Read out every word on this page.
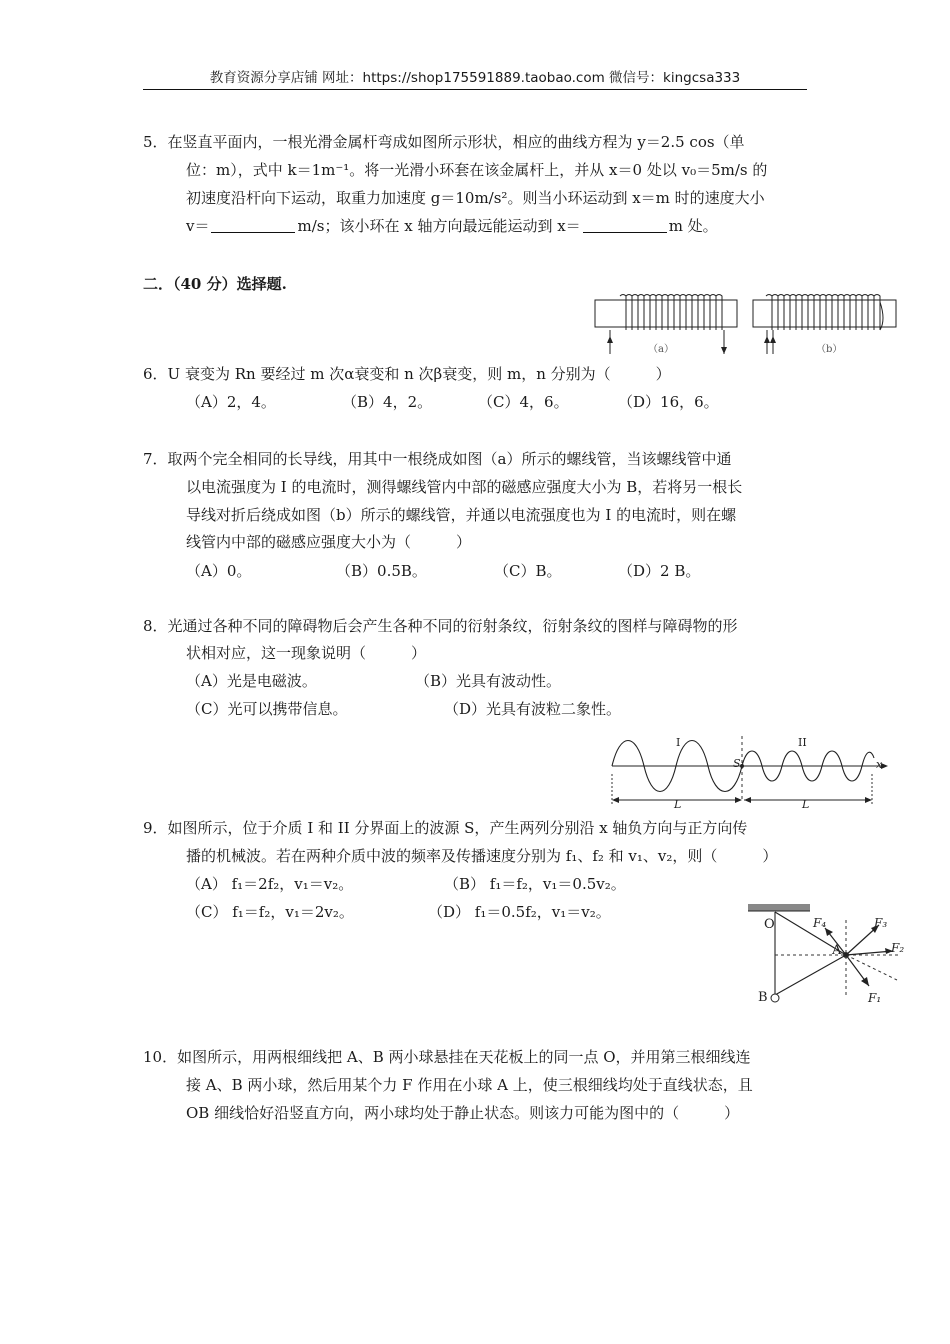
教育资源分享店铺 网址：https://shop175591889.taobao.com 微信号：kingcsa333
5．在竖直平面内，一根光滑金属杆弯成如图所示形状，相应的曲线方程为 y＝2.5 cos（单
位：m），式中 k＝1m⁻¹。将一光滑小环套在该金属杆上，并从 x＝0 处以 v₀＝5m/s 的
初速度沿杆向下运动，取重力加速度 g＝10m/s²。则当小环运动到 x＝m 时的速度大小
v＝	m/s；该小环在 x 轴方向最远能运动到 x＝	m 处。
二．（40 分）选择题.
（a）	（b）
6．U 衰变为 Rn 要经过 m 次α衰变和 n 次β衰变，则 m，n 分别为（　　　）
（A）2，4。	（B）4，2。	（C）4，6。	（D）16，6。
7．取两个完全相同的长导线，用其中一根绕成如图（a）所示的螺线管，当该螺线管中通
以电流强度为 I 的电流时，测得螺线管内中部的磁感应强度大小为 B，若将另一根长
导线对折后绕成如图（b）所示的螺线管，并通以电流强度也为 I 的电流时，则在螺
线管内中部的磁感应强度大小为（　　　）
（A）0。	（B）0.5B。	（C）B。	（D）2 B。
8．光通过各种不同的障碍物后会产生各种不同的衍射条纹，衍射条纹的图样与障碍物的形
状相对应，这一现象说明（　　　）
（A）光是电磁波。	（B）光具有波动性。
（C）光可以携带信息。	（D）光具有波粒二象性。
I	II
S	x
L	L
9．如图所示，位于介质 I 和 II 分界面上的波源 S，产生两列分别沿 x 轴负方向与正方向传
播的机械波。若在两种介质中波的频率及传播速度分别为 f₁、f₂ 和 v₁、v₂，则（　　　）
（A） f₁＝2f₂，v₁＝v₂。	（B） f₁＝f₂，v₁＝0.5v₂。
（C） f₁＝f₂，v₁＝2v₂。	（D） f₁＝0.5f₂，v₁＝v₂。
O
A
B	F₁
F₂
F₃
F₄
10．如图所示，用两根细线把 A、B 两小球悬挂在天花板上的同一点 O，并用第三根细线连
接 A、B 两小球，然后用某个力 F 作用在小球 A 上，使三根细线均处于直线状态，且
OB 细线恰好沿竖直方向，两小球均处于静止状态。则该力可能为图中的（　　　）
